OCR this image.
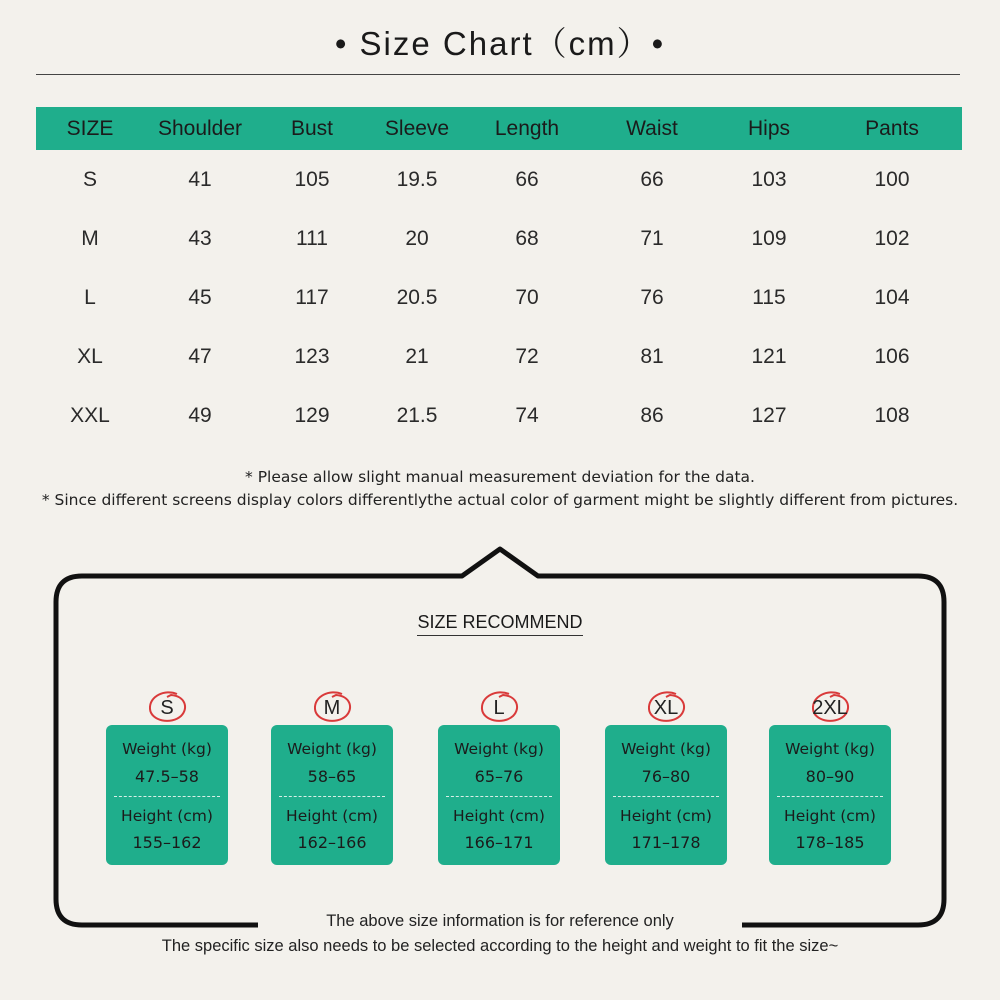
• Size Chart（cm）•
SIZE	Shoulder	Bust	Sleeve	Length	Waist	Hips	Pants
S	41	105	19.5	66	66	103	100
M	43	111	20	68	71	109	102
L	45	117	20.5	70	76	115	104
XL	47	123	21	72	81	121	106
XXL	49	129	21.5	74	86	127	108
* Please allow slight manual measurement deviation for the data.
* Since different screens display colors differentlythe actual color of garment might be slightly different from pictures.
SIZE RECOMMEND
S
Weight (kg)
47.5–58
Height (cm)
155–162
M
Weight (kg)
58–65
Height (cm)
162–166
L
Weight (kg)
65–76
Height (cm)
166–171
XL
Weight (kg)
76–80
Height (cm)
171–178
2XL
Weight (kg)
80–90
Height (cm)
178–185
The above size information is for reference only
The specific size also needs to be selected according to the height and weight to fit the size~
